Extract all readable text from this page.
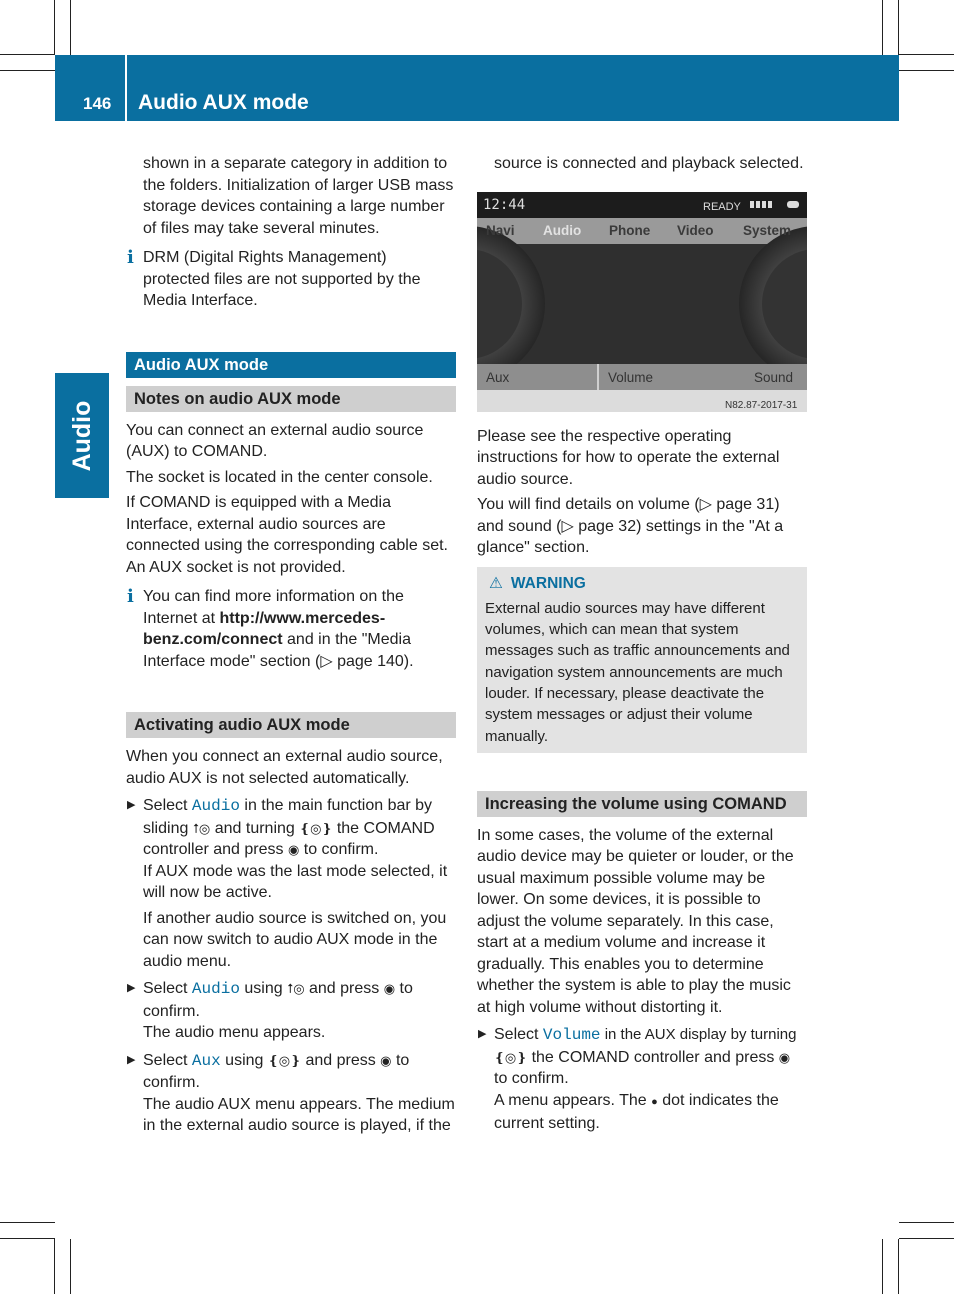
146 Audio AUX mode
Audio
shown in a separate category in addition to
the folders. Initialization of larger USB mass
storage devices containing a large number
of files may take several minutes.
i DRM (Digital Rights Management) protected files are not supported by the Media Interface.
Audio AUX mode
Notes on audio AUX mode

You can connect an external audio source (AUX) to COMAND.

The socket is located in the center console.

If COMAND is equipped with a Media Interface, external audio sources are connected using the corresponding cable set. An AUX socket is not provided.

i You can find more information on the Internet at http://www.mercedes-benz.com/connect and in the "Media Interface mode" section (▷ page 140).
Activating audio AUX mode

When you connect an external audio source, audio AUX is not selected automatically.

▶ Select Audio in the main function bar by sliding ⭡◎ and turning ❴◎❵ the COMAND controller and press ◉ to confirm.
If AUX mode was the last mode selected, it will now be active.
If another audio source is switched on, you can now switch to audio AUX mode in the audio menu.
▶ Select Audio using ⭡◎ and press ◉ to confirm.
The audio menu appears.
▶ Select Aux using ❴◎❵ and press ◉ to confirm.
The audio AUX menu appears. The medium in the external audio source is played, if the

source is connected and playback selected.

12:44	READY
Navi Audio Phone Video System
Aux	Volume	Sound
N82.87-2017-31

Please see the respective operating instructions for how to operate the external audio source.

You will find details on volume (▷ page 31) and sound (▷ page 32) settings in the "At a glance" section.

⚠ WARNING
External audio sources may have different volumes, which can mean that system messages such as traffic announcements and navigation system announcements are much louder. If necessary, please deactivate the system messages or adjust their volume manually.
Increasing the volume using COMAND

In some cases, the volume of the external audio device may be quieter or louder, or the usual maximum possible volume may be lower. On some devices, it is possible to adjust the volume separately. In this case, start at a medium volume and increase it gradually. This enables you to determine whether the system is able to play the music at high volume without distorting it.

▶ Select Volume in the AUX display by turning ❴◎❵ the COMAND controller and press ◉ to confirm.
A menu appears. The ● dot indicates the current setting.
